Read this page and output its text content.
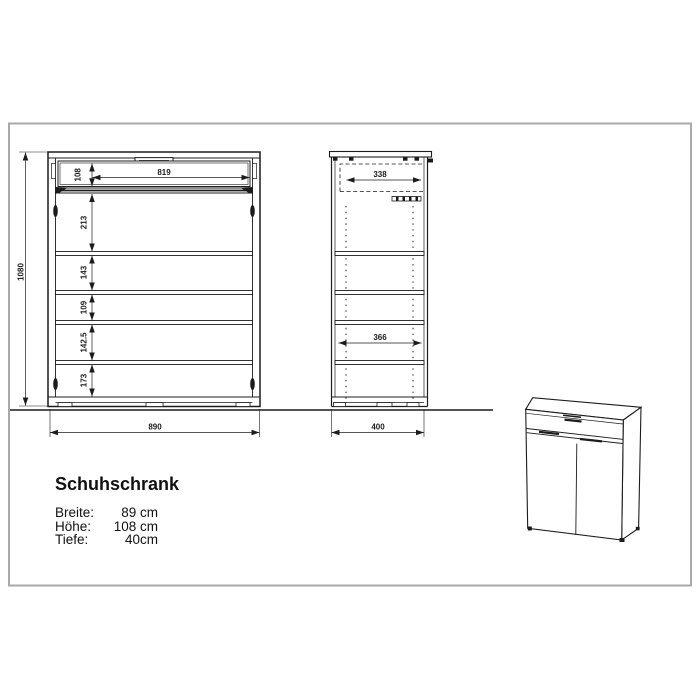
1080
108
213
143
109
142.5
173
819
890
338
366
400
Schuhschrank
Breite:	89 cm
Höhe:	108 cm
Tiefe:	40cm
